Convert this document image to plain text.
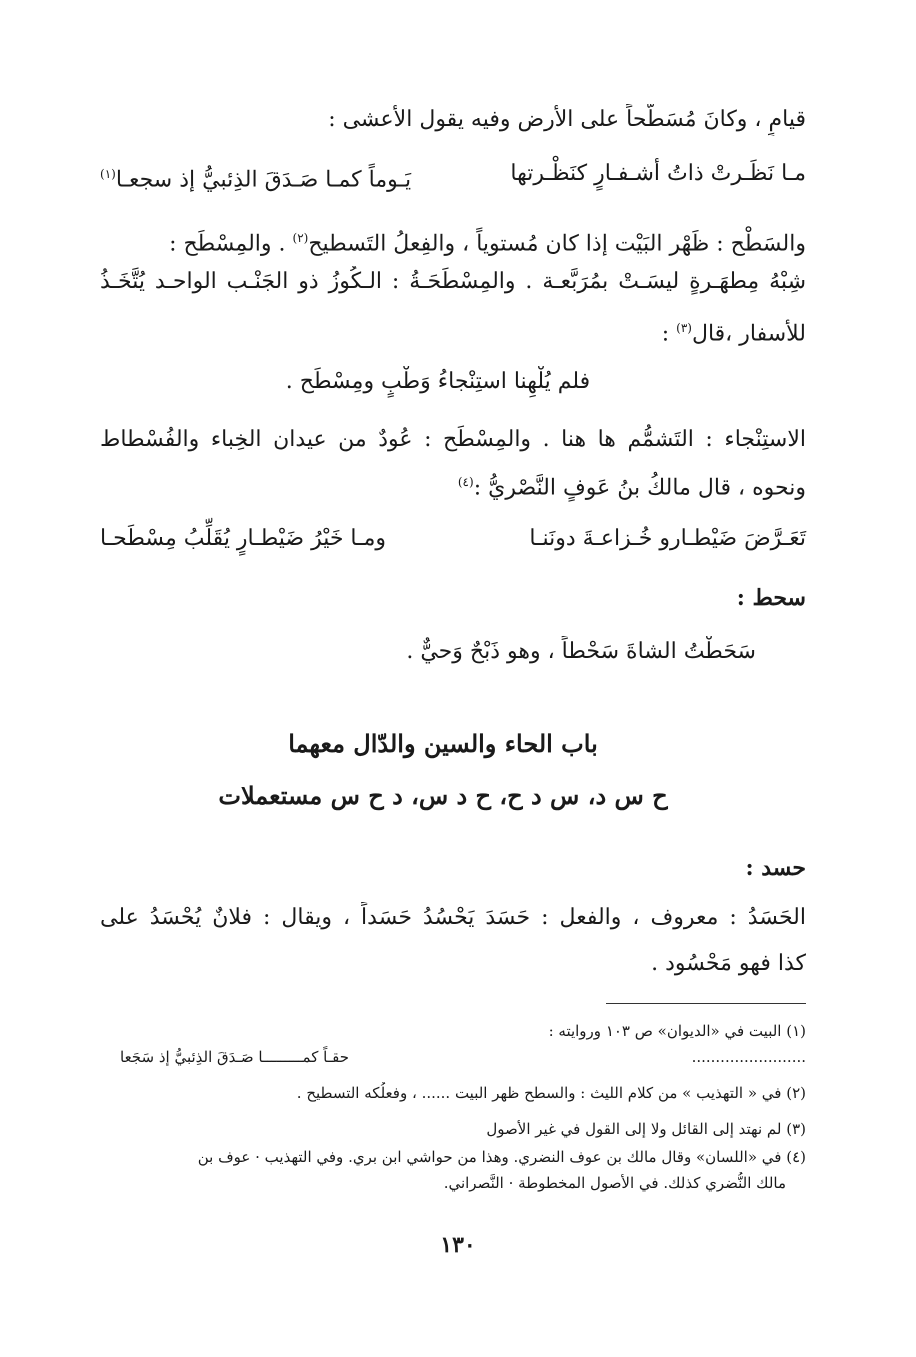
قيامٍ ، وكانَ مُسَطَّحاً على الأرض وفيه يقول الأعشى :
مـا نَظَـرتْ ذاتُ أشـفـارٍ كنَظْـرتها
يَـوماً كمـا صَـدَقَ الذِئبيُّ إذ سجعـا$^{(١)}$
والسَطْح : ظَهْر البَيْت إذا كان مُستوياً ، والفِعلُ التَسطيح$^{(٢)}$ . والمِسْطَح :
شِبْهُ مِطهَـرةٍ ليسَـتْ بمُرَبَّعـة . والمِسْطَحَـةُ : الـكُوزُ ذو الجَنْـب الواحـد يُتَّخَـذُ
للأسفار ،قال$^{(٣)}$ :
فلم يُلْهِنا استِنْجاءُ وَطْبٍ ومِسْطَح .
الاستِنْجاء : التَشمُّم ها هنا . والمِسْطَح : عُودٌ من عيدان الخِباء والفُسْطاط
ونحوه ، قال مالكُ بنُ عَوفٍ النَّصْريُّ :$^{(٤)}$
تَعَـرَّضَ ضَيْطـارو خُـزاعـةَ دونَنـا
ومـا خَيْرُ ضَيْطـارٍ يُقَلِّبُ مِسْطَحـا
سحط :
سَحَطْتُ الشاةَ سَحْطاً ، وهو ذَبْحٌ وَحيٌّ .
باب الحاء والسين والدّال معهما
ح س د، س د ح، ح د س، د ح س مستعملات
حسد :
الحَسَدُ : معروف ، والفعل : حَسَدَ يَحْسُدُ حَسَداً ، ويقال : فلانٌ يُحْسَدُ على
كذا فهو مَحْسُود .
(١) البيت في «الديوان» ص ١٠٣ وروايته :
........................
حقـاً كمـــــــــا صَـدَقَ الذِئبيُّ إذ سَجَعا
(٢) في « التهذيب » من كلام الليث : والسطح ظهر البيت ...... ، وفعلُكه التسطيح .
(٣) لم نهتد إلى القائل ولا إلى القول في غير الأصول
(٤) في «اللسان» وقال مالك بن عوف النضري. وهذا من حواشي ابن بري. وفي التهذيب · عوف بن
مالك النُّضري كذلك. في الأصول المخطوطة · النَّصراني.
١٣٠
